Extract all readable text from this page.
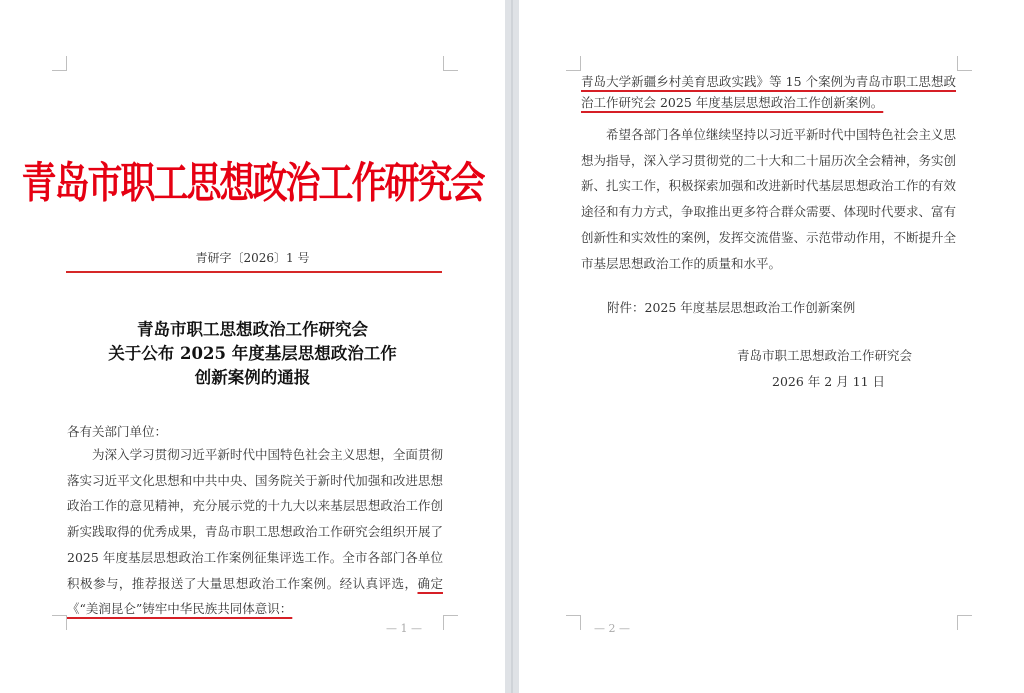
青岛市职工思想政治工作研究会
青研字〔2026〕1 号
青岛市职工思想政治工作研究会
关于公布 2025 年度基层思想政治工作
创新案例的通报
各有关部门单位：

为深入学习贯彻习近平新时代中国特色社会主义思想，全面贯彻落实习近平文化思想和中共中央、国务院关于新时代加强和改进思想政治工作的意见精神，充分展示党的十九大以来基层思想政治工作创新实践取得的优秀成果，青岛市职工思想政治工作研究会组织开展了 2025 年度基层思想政治工作案例征集评选工作。全市各部门各单位积极参与，推荐报送了大量思想政治工作案例。经认真评选，确定《“美润昆仑”铸牢中华民族共同体意识：

— 1 —

青岛大学新疆乡村美育思政实践》等 15 个案例为青岛市职工思想政治工作研究会 2025 年度基层思想政治工作创新案例。

希望各部门各单位继续坚持以习近平新时代中国特色社会主义思想为指导，深入学习贯彻党的二十大和二十届历次全会精神，务实创新、扎实工作，积极探索加强和改进新时代基层思想政治工作的有效途径和有力方式，争取推出更多符合群众需要、体现时代要求、富有创新性和实效性的案例，发挥交流借鉴、示范带动作用，不断提升全市基层思想政治工作的质量和水平。

附件：2025 年度基层思想政治工作创新案例
青岛市职工思想政治工作研究会
2026 年 2 月 11 日
— 2 —
